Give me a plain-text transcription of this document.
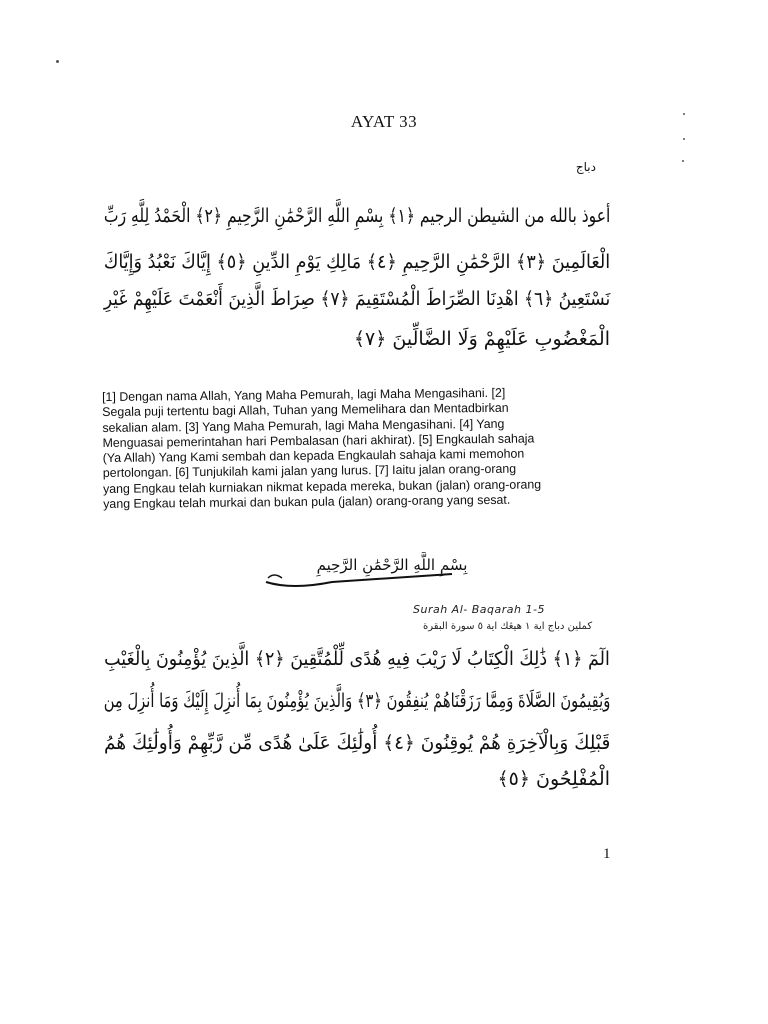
AYAT 33
دباج
أعوذ بالله من الشيطن الرجيم ﴿١﴾ بِسْمِ اللَّهِ الرَّحْمَٰنِ الرَّحِيمِ ﴿٢﴾ الْحَمْدُ لِلَّهِ رَبِّ
الْعَالَمِينَ ﴿٣﴾ الرَّحْمَٰنِ الرَّحِيمِ ﴿٤﴾ مَالِكِ يَوْمِ الدِّينِ ﴿٥﴾ إِيَّاكَ نَعْبُدُ وَإِيَّاكَ
نَسْتَعِينُ ﴿٦﴾ اهْدِنَا الصِّرَاطَ الْمُسْتَقِيمَ ﴿٧﴾ صِرَاطَ الَّذِينَ أَنْعَمْتَ عَلَيْهِمْ غَيْرِ
الْمَغْضُوبِ عَلَيْهِمْ وَلَا الضَّالِّينَ ﴿٧﴾

[1] Dengan nama Allah, Yang Maha Pemurah, lagi Maha Mengasihani. [2]

Segala puji tertentu bagi Allah, Tuhan yang Memelihara dan Mentadbirkan

sekalian alam. [3] Yang Maha Pemurah, lagi Maha Mengasihani. [4] Yang

Menguasai pemerintahan hari Pembalasan (hari akhirat). [5] Engkaulah sahaja

(Ya Allah) Yang Kami sembah dan kepada Engkaulah sahaja kami memohon

pertolongan. [6] Tunjukilah kami jalan yang lurus. [7] Iaitu jalan orang-orang

yang Engkau telah kurniakan nikmat kepada mereka, bukan (jalan) orang-orang

yang Engkau telah murkai dan bukan pula (jalan) orang-orang yang sesat.

بِسْمِ اللَّهِ الرَّحْمَٰنِ الرَّحِيمِ
Surah Al- Baqarah 1-5
كملين دباج اية ١ هيڠك اية ٥ سورة البقرة
الٓمٓ ﴿١﴾ ذَٰلِكَ الْكِتَابُ لَا رَيْبَ فِيهِ هُدًى لِّلْمُتَّقِينَ ﴿٢﴾ الَّذِينَ يُؤْمِنُونَ بِالْغَيْبِ
وَيُقِيمُونَ الصَّلَاةَ وَمِمَّا رَزَقْنَاهُمْ يُنفِقُونَ ﴿٣﴾ وَالَّذِينَ يُؤْمِنُونَ بِمَا أُنزِلَ إِلَيْكَ وَمَا أُنزِلَ مِن
قَبْلِكَ وَبِالْآخِرَةِ هُمْ يُوقِنُونَ ﴿٤﴾ أُولَٰئِكَ عَلَىٰ هُدًى مِّن رَّبِّهِمْ وَأُولَٰئِكَ هُمُ
الْمُفْلِحُونَ ﴿٥﴾
1
